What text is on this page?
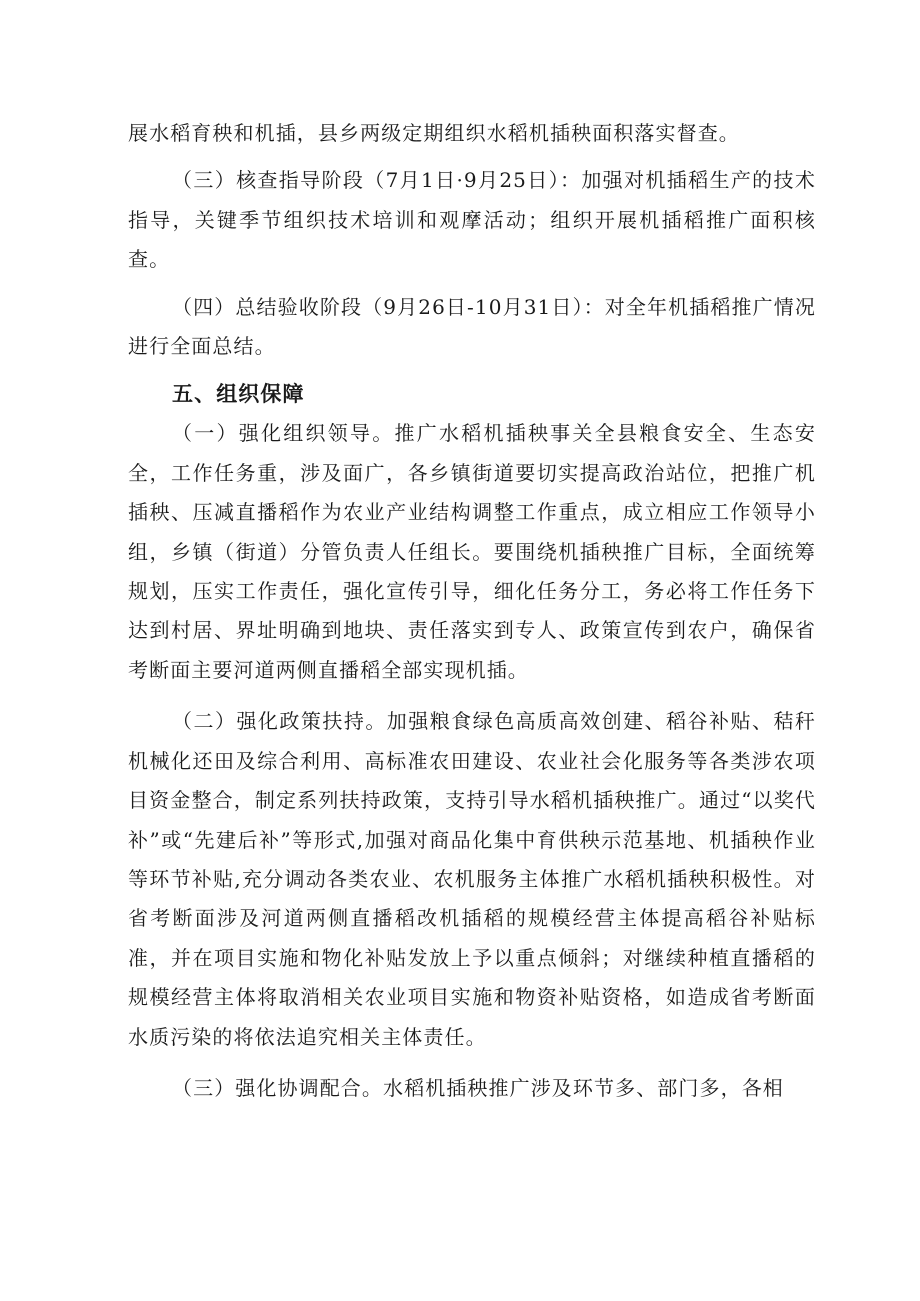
展水稻育秧和机插，县乡两级定期组织水稻机插秧面积落实督查。

（三）核查指导阶段（7月1日·9月25日）：加强对机插稻生产的技术指导，关键季节组织技术培训和观摩活动；组织开展机插稻推广面积核查。

（四）总结验收阶段（9月26日-10月31日）：对全年机插稻推广情况进行全面总结。

五、组织保障

（一）强化组织领导。推广水稻机插秧事关全县粮食安全、生态安全，工作任务重，涉及面广，各乡镇街道要切实提高政治站位，把推广机插秧、压减直播稻作为农业产业结构调整工作重点，成立相应工作领导小组，乡镇（街道）分管负责人任组长。要围绕机插秧推广目标，全面统筹规划，压实工作责任，强化宣传引导，细化任务分工，务必将工作任务下达到村居、界址明确到地块、责任落实到专人、政策宣传到农户，确保省考断面主要河道两侧直播稻全部实现机插。

（二）强化政策扶持。加强粮食绿色高质高效创建、稻谷补贴、秸秆机械化还田及综合利用、高标准农田建设、农业社会化服务等各类涉农项目资金整合，制定系列扶持政策，支持引导水稻机插秧推广。通过“以奖代补”或“先建后补”等形式,加强对商品化集中育供秧示范基地、机插秧作业等环节补贴,充分调动各类农业、农机服务主体推广水稻机插秧积极性。对省考断面涉及河道两侧直播稻改机插稻的规模经营主体提高稻谷补贴标准，并在项目实施和物化补贴发放上予以重点倾斜；对继续种植直播稻的规模经营主体将取消相关农业项目实施和物资补贴资格，如造成省考断面水质污染的将依法追究相关主体责任。

（三）强化协调配合。水稻机插秧推广涉及环节多、部门多，各相
